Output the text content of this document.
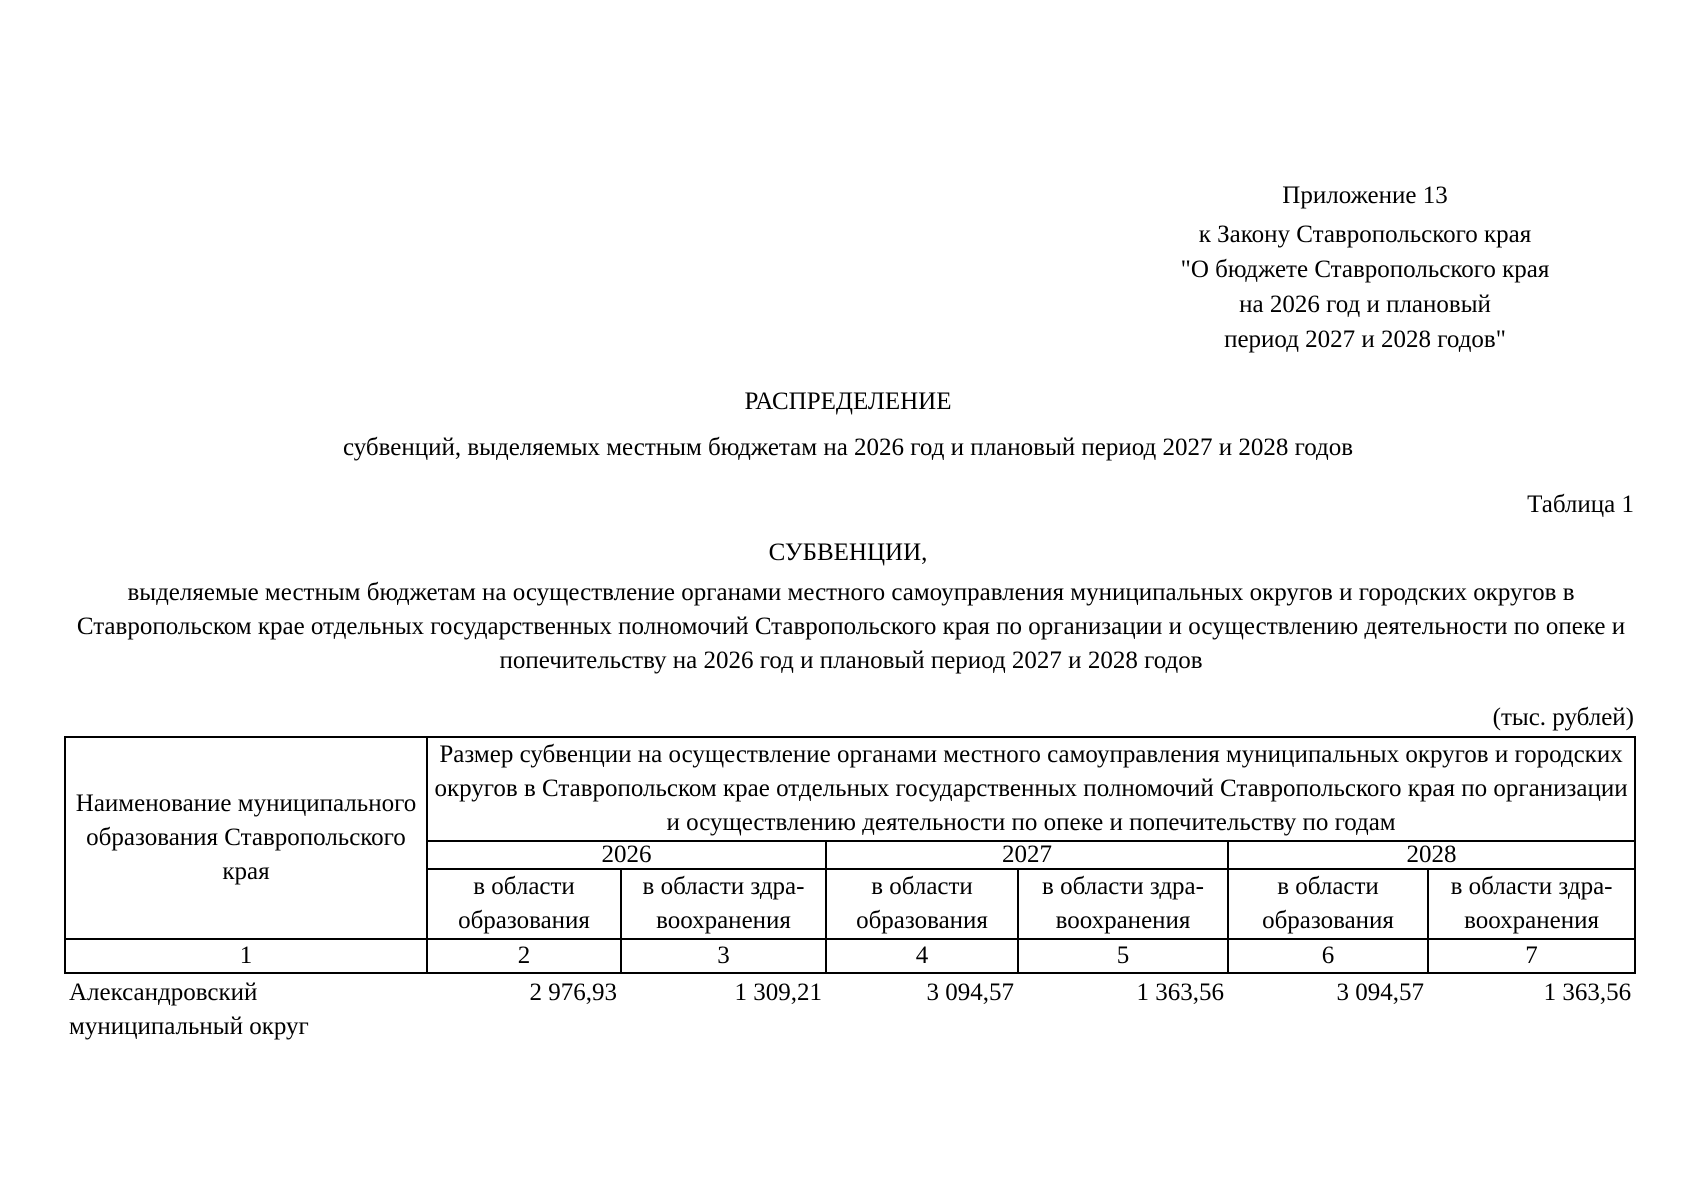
Приложение 13
к Закону Ставропольского края
"О бюджете Ставропольского края
на 2026 год и плановый
период 2027 и 2028 годов"
РАСПРЕДЕЛЕНИЕ
субвенций, выделяемых местным бюджетам на 2026 год и плановый период 2027 и 2028 годов
Таблица 1
СУБВЕНЦИИ,
выделяемые местным бюджетам на осуществление органами местного самоуправления муниципальных округов и городских округов в Ставропольском крае отдельных государственных полномочий Ставропольского края по организации и осуществлению деятельности по опеке и попечительству на 2026 год и плановый период 2027 и 2028 годов
(тыс. рублей)
Наименование муниципального образования Ставропольского края	Размер субвенции на осуществление органами местного самоуправления муниципальных округов и городских округов в Ставропольском крае отдельных государственных полномочий Ставропольского края по организации и осуществлению деятельности по опеке и попечительству по годам					
	2026		2027		2028	
	в области образования	в области здра-воохранения	в области образования	в области здра-воохранения	в области образования	в области здра-воохранения
1	2	3	4	5	6	7
Александровский муниципальный округ	2 976,93	1 309,21	3 094,57	1 363,56	3 094,57	1 363,56
